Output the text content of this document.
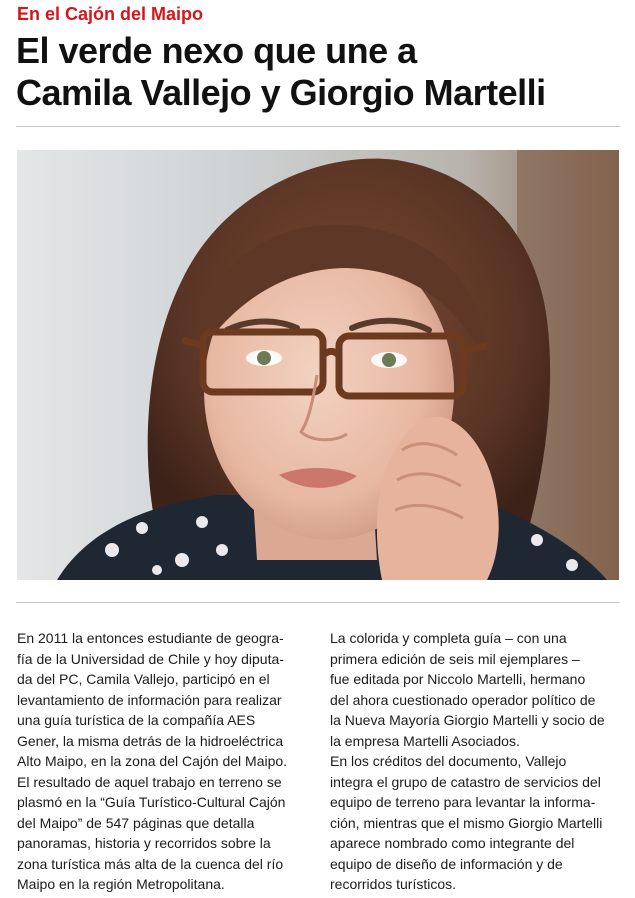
En el Cajón del Maipo
El verde nexo que une a
Camila Vallejo y Giorgio Martelli
En 2011 la entonces estudiante de geogra-
fía de la Universidad de Chile y hoy diputa-
da del PC, Camila Vallejo, participó en el
levantamiento de información para realizar
una guía turística de la compañía AES
Gener, la misma detrás de la hidroeléctrica
Alto Maipo, en la zona del Cajón del Maipo.
El resultado de aquel trabajo en terreno se
plasmó en la “Guía Turístico-Cultural Cajón
del Maipo” de 547 páginas que detalla
panoramas, historia y recorridos sobre la
zona turística más alta de la cuenca del río
Maipo en la región Metropolitana.
La colorida y completa guía – con una
primera edición de seis mil ejemplares –
fue editada por Niccolo Martelli, hermano
del ahora cuestionado operador político de
la Nueva Mayoría Giorgio Martelli y socio de
la empresa Martelli Asociados.
En los créditos del documento, Vallejo
integra el grupo de catastro de servicios del
equipo de terreno para levantar la informa-
ción, mientras que el mismo Giorgio Martelli
aparece nombrado como integrante del
equipo de diseño de información y de
recorridos turísticos.
